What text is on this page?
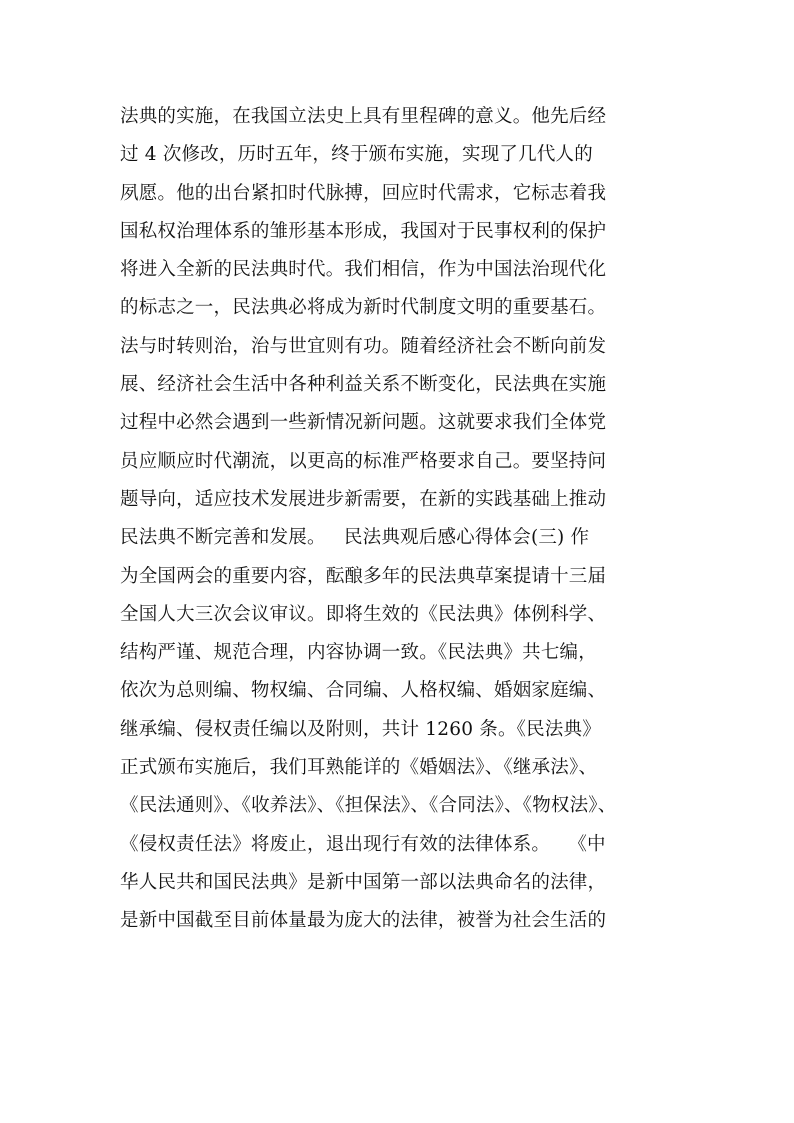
法典的实施，在我国立法史上具有里程碑的意义。他先后经
过 4 次修改，历时五年，终于颁布实施，实现了几代人的
夙愿。他的出台紧扣时代脉搏，回应时代需求，它标志着我
国私权治理体系的雏形基本形成，我国对于民事权利的保护
将进入全新的民法典时代。我们相信，作为中国法治现代化
的标志之一，民法典必将成为新时代制度文明的重要基石。
法与时转则治，治与世宜则有功。随着经济社会不断向前发
展、经济社会生活中各种利益关系不断变化，民法典在实施
过程中必然会遇到一些新情况新问题。这就要求我们全体党
员应顺应时代潮流，以更高的标准严格要求自己。要坚持问
题导向，适应技术发展进步新需要，在新的实践基础上推动
民法典不断完善和发展。   民法典观后感心得体会(三) 作
为全国两会的重要内容，酝酿多年的民法典草案提请十三届
全国人大三次会议审议。即将生效的《民法典》体例科学、
结构严谨、规范合理，内容协调一致。《民法典》共七编，
依次为总则编、物权编、合同编、人格权编、婚姻家庭编、
继承编、侵权责任编以及附则，共计 1260 条。《民法典》
正式颁布实施后，我们耳熟能详的《婚姻法》、《继承法》、
《民法通则》、《收养法》、《担保法》、《合同法》、《物权法》、
《侵权责任法》将废止，退出现行有效的法律体系。   《中
华人民共和国民法典》是新中国第一部以法典命名的法律，
是新中国截至目前体量最为庞大的法律，被誉为社会生活的
